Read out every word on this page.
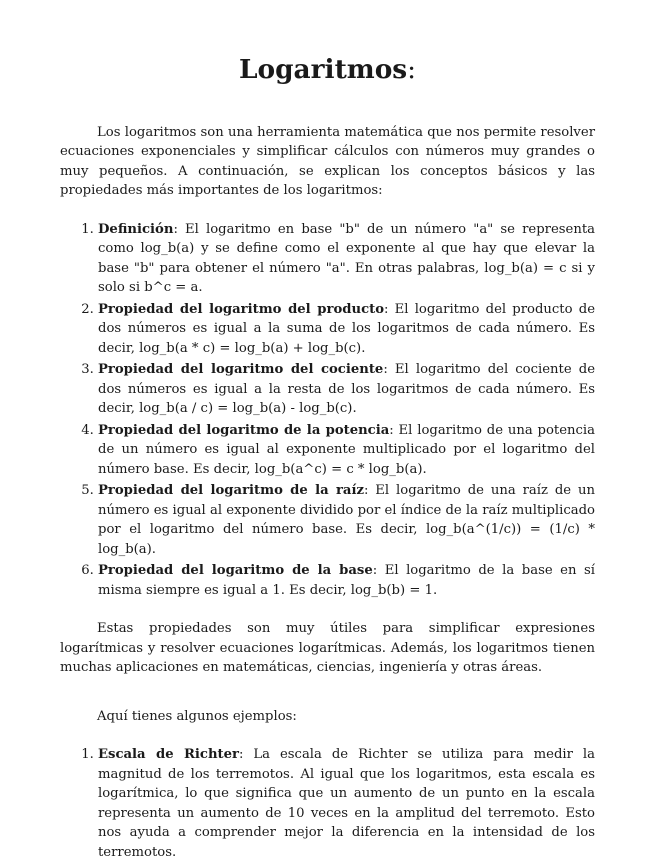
Logaritmos:

Los logaritmos son una herramienta matemática que nos permite resolver ecuaciones exponenciales y simplificar cálculos con números muy grandes o muy pequeños. A continuación, se explican los conceptos básicos y las propiedades más importantes de los logaritmos:

1. Definición: El logaritmo en base "b" de un número "a" se representa como log_b(a) y se define como el exponente al que hay que elevar la base "b" para obtener el número "a". En otras palabras, log_b(a) = c si y solo si b^c = a.
2. Propiedad del logaritmo del producto: El logaritmo del producto de dos números es igual a la suma de los logaritmos de cada número. Es decir, log_b(a * c) = log_b(a) + log_b(c).
3. Propiedad del logaritmo del cociente: El logaritmo del cociente de dos números es igual a la resta de los logaritmos de cada número. Es decir, log_b(a / c) = log_b(a) - log_b(c).
4. Propiedad del logaritmo de la potencia: El logaritmo de una potencia de un número es igual al exponente multiplicado por el logaritmo del número base. Es decir, log_b(a^c) = c * log_b(a).
5. Propiedad del logaritmo de la raíz: El logaritmo de una raíz de un número es igual al exponente dividido por el índice de la raíz multiplicado por el logaritmo del número base. Es decir, log_b(a^(1/c)) = (1/c) * log_b(a).
6. Propiedad del logaritmo de la base: El logaritmo de la base en sí misma siempre es igual a 1. Es decir, log_b(b) = 1.

Estas propiedades son muy útiles para simplificar expresiones logarítmicas y resolver ecuaciones logarítmicas. Además, los logaritmos tienen muchas aplicaciones en matemáticas, ciencias, ingeniería y otras áreas.

Aquí tienes algunos ejemplos:

1. Escala de Richter: La escala de Richter se utiliza para medir la magnitud de los terremotos. Al igual que los logaritmos, esta escala es logarítmica, lo que significa que un aumento de un punto en la escala representa un aumento de 10 veces en la amplitud del terremoto. Esto nos ayuda a comprender mejor la diferencia en la intensidad de los terremotos.
